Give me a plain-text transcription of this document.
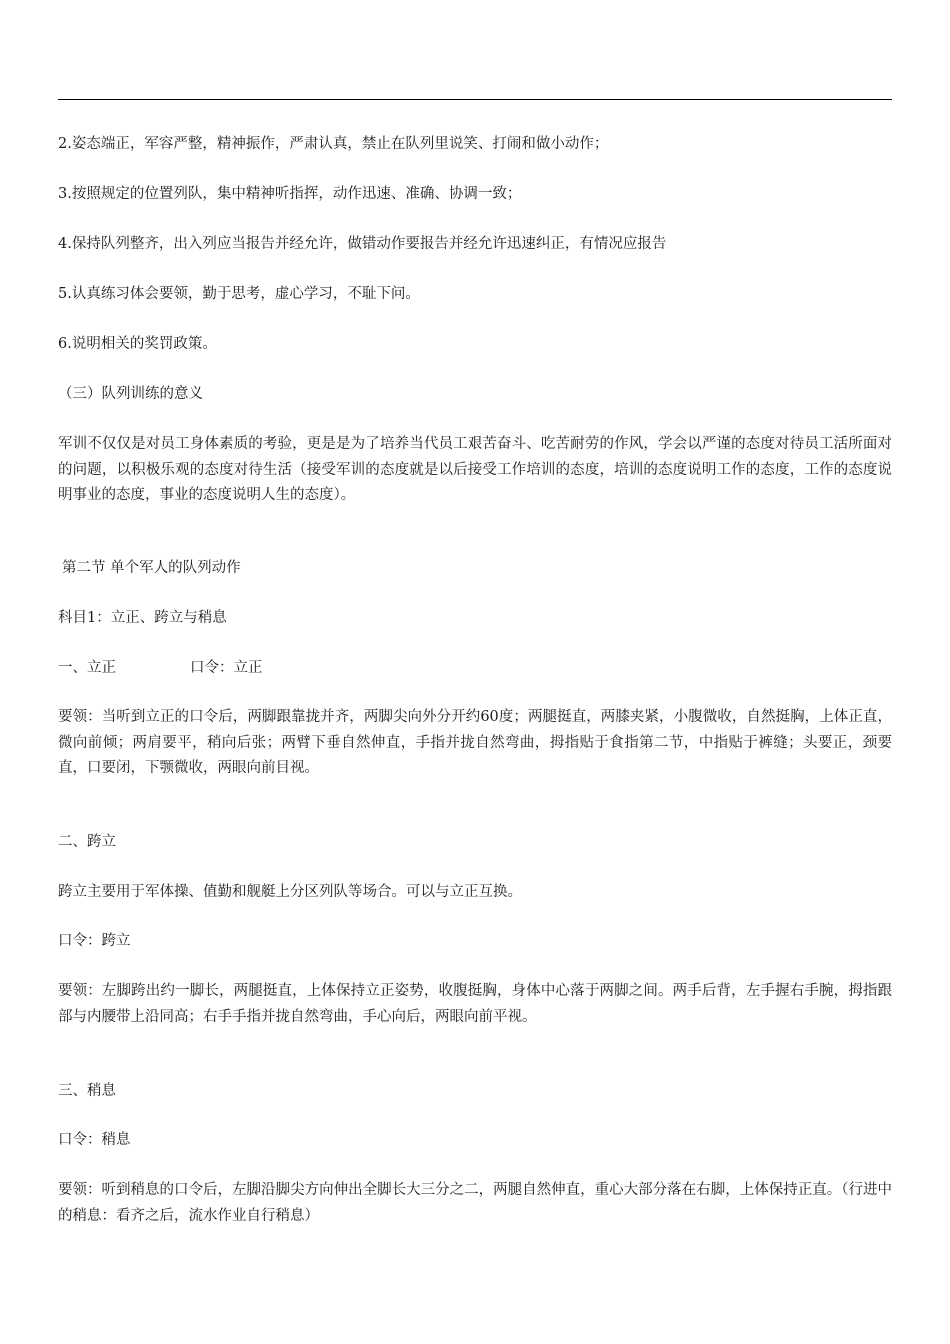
2.姿态端正，军容严整，精神振作，严肃认真，禁止在队列里说笑、打闹和做小动作；

3.按照规定的位置列队，集中精神听指挥，动作迅速、准确、协调一致；

4.保持队列整齐，出入列应当报告并经允许，做错动作要报告并经允许迅速纠正，有情况应报告

5.认真练习体会要领，勤于思考，虚心学习，不耻下问。

6.说明相关的奖罚政策。

（三）队列训练的意义

军训不仅仅是对员工身体素质的考验，更是是为了培养当代员工艰苦奋斗、吃苦耐劳的作风，学会以严谨的态度对待员工活所面对的问题，以积极乐观的态度对待生活（接受军训的态度就是以后接受工作培训的态度，培训的态度说明工作的态度，工作的态度说明事业的态度，事业的态度说明人生的态度）。

第二节 单个军人的队列动作

科目1：立正、跨立与稍息

一、立正	口令：立正

要领：当听到立正的口令后，两脚跟靠拢并齐，两脚尖向外分开约60度；两腿挺直，两膝夹紧，小腹微收，自然挺胸，上体正直，微向前倾；两肩要平，稍向后张；两臂下垂自然伸直，手指并拢自然弯曲，拇指贴于食指第二节，中指贴于裤缝；头要正，颈要直，口要闭，下颚微收，两眼向前目视。

二、跨立

跨立主要用于军体操、值勤和舰艇上分区列队等场合。可以与立正互换。

口令：跨立

要领：左脚跨出约一脚长，两腿挺直，上体保持立正姿势，收腹挺胸，身体中心落于两脚之间。两手后背，左手握右手腕，拇指跟部与内腰带上沿同高；右手手指并拢自然弯曲，手心向后，两眼向前平视。

三、稍息

口令：稍息

要领：听到稍息的口令后，左脚沿脚尖方向伸出全脚长大三分之二，两腿自然伸直，重心大部分落在右脚，上体保持正直。（行进中的稍息：看齐之后，流水作业自行稍息）
